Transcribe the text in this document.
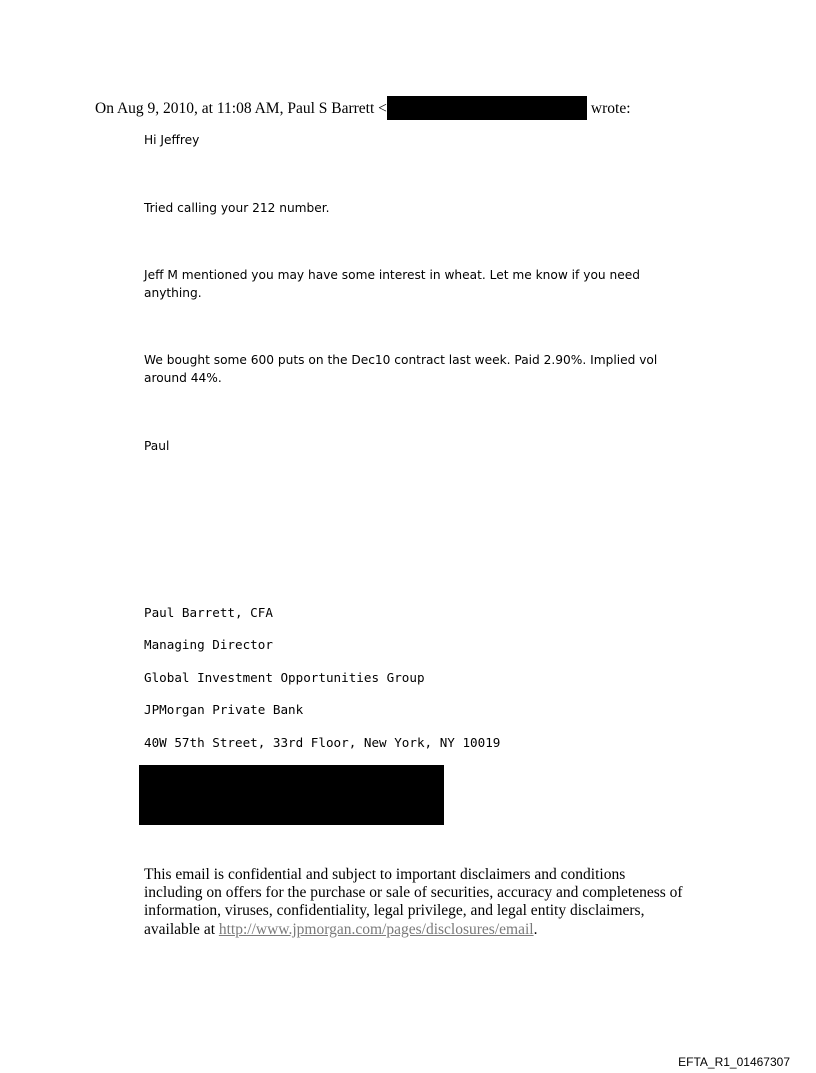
On Aug 9, 2010, at 11:08 AM, Paul S Barrett <	wrote:
Hi Jeffrey
Tried calling your 212 number.
Jeff M mentioned you may have some interest in wheat. Let me know if you need anything.
We bought some 600 puts on the Dec10 contract last week. Paid 2.90%. Implied vol around 44%.
Paul
Paul Barrett, CFA
Managing Director
Global Investment Opportunities Group
JPMorgan Private Bank
40W 57th Street, 33rd Floor, New York, NY 10019
This email is confidential and subject to important disclaimers and conditions including on offers for the purchase or sale of securities, accuracy and completeness of information, viruses, confidentiality, legal privilege, and legal entity disclaimers, available at http://www.jpmorgan.com/pages/disclosures/email.
EFTA_R1_01467307
